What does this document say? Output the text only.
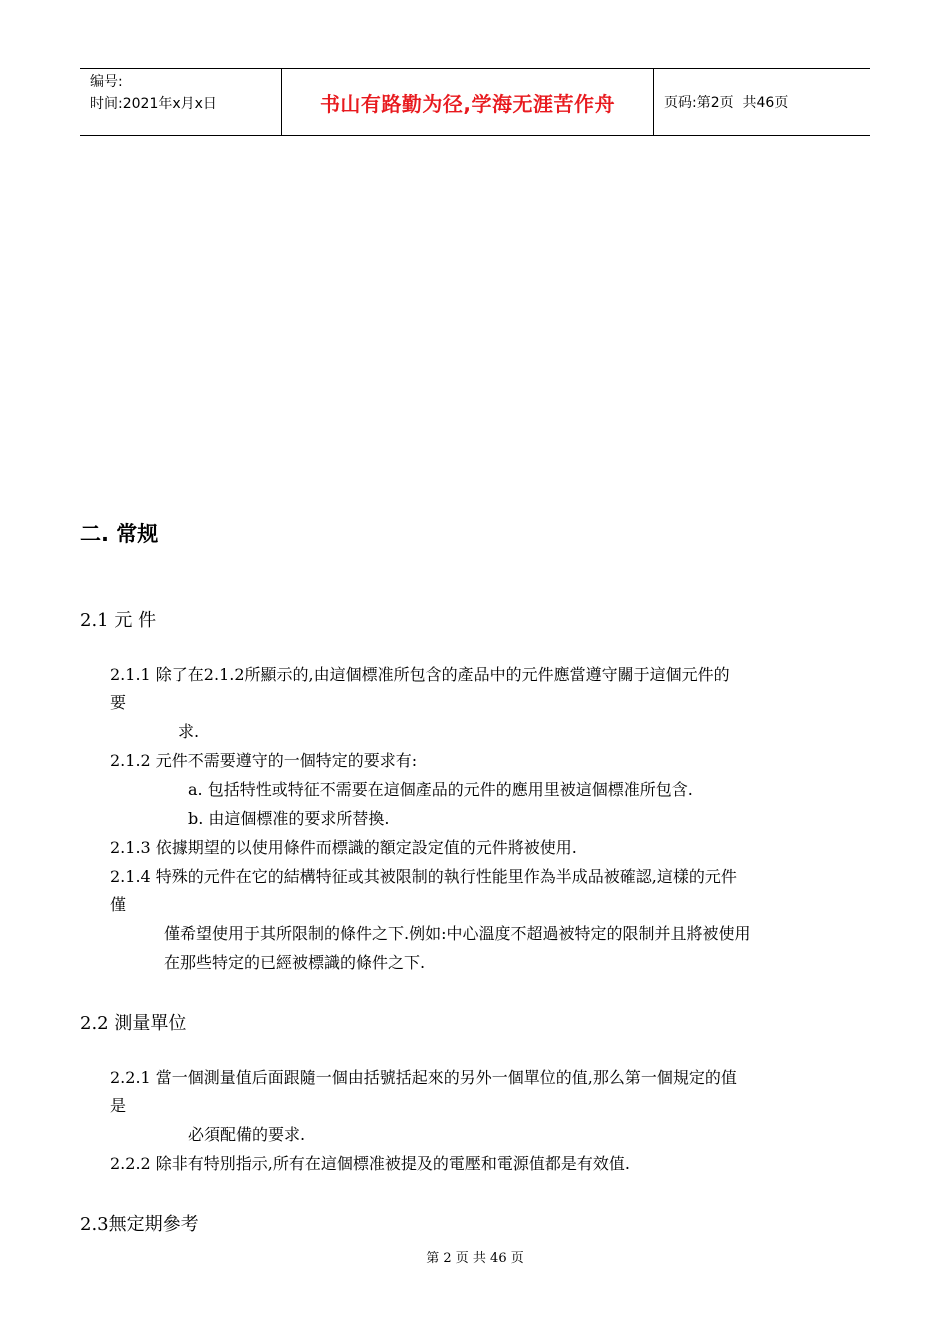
编号:
时间:2021年x月x日	书山有路勤为径,学海无涯苦作舟	页码:第2页  共46页
二. 常规
2.1 元 件
2.1.1 除了在2.1.2所顯示的,由這個標准所包含的產品中的元件應當遵守關于這個元件的
要
求.
2.1.2 元件不需要遵守的一個特定的要求有:
a. 包括特性或特征不需要在這個產品的元件的應用里被這個標准所包含.
b. 由這個標准的要求所替換.
2.1.3 依據期望的以使用條件而標識的額定設定值的元件將被使用.
2.1.4 特殊的元件在它的結構特征或其被限制的執行性能里作為半成品被確認,這樣的元件
僅
僅希望使用于其所限制的條件之下.例如:中心溫度不超過被特定的限制并且將被使用
在那些特定的已經被標識的條件之下.
2.2 測量單位
2.2.1 當一個測量值后面跟隨一個由括號括起來的另外一個單位的值,那么第一個規定的值
是
必須配備的要求.
2.2.2 除非有特別指示,所有在這個標准被提及的電壓和電源值都是有效值.
2.3無定期參考
第 2 页 共 46 页
